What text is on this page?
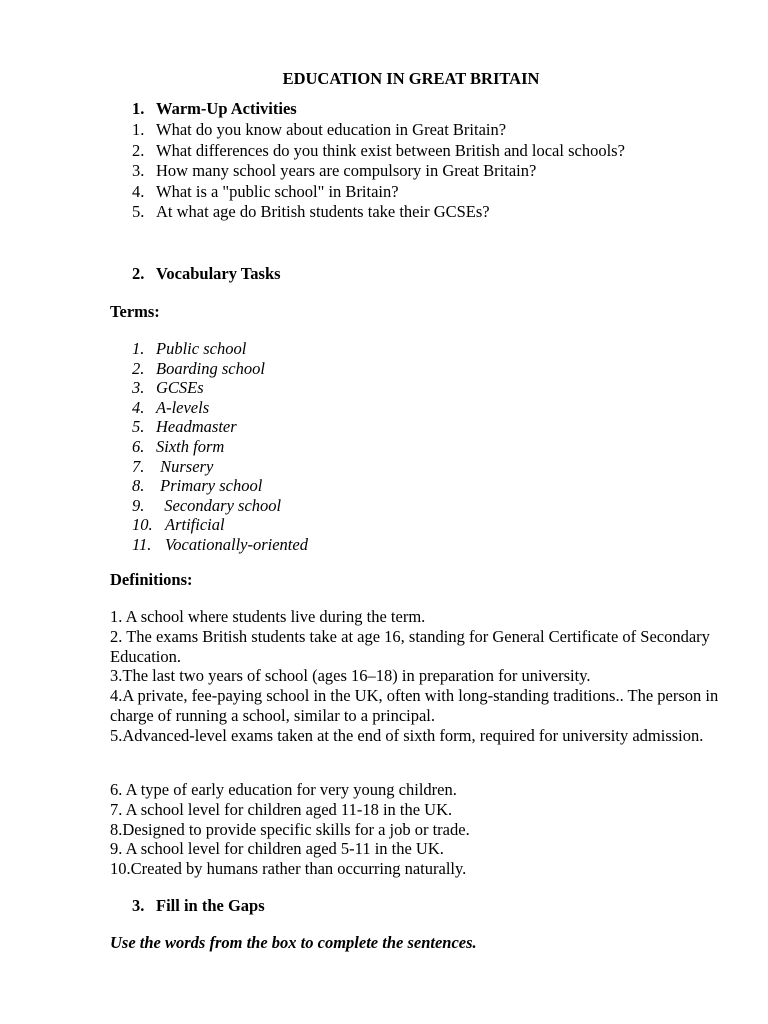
EDUCATION IN GREAT BRITAIN
1. Warm-Up Activities
1. What do you know about education in Great Britain?
2. What differences do you think exist between British and local schools?
3. How many school years are compulsory in Great Britain?
4. What is a "public school" in Britain?
5. At what age do British students take their GCSEs?
2. Vocabulary Tasks

Terms:

1. Public school
2. Boarding school
3. GCSEs
4. A-levels
5. Headmaster
6. Sixth form
7. Nursery
8. Primary school
9.  Secondary school
10. Artificial
11. Vocationally-oriented

Definitions:

1. A school where students live during the term.

2. The exams British students take at age 16, standing for General Certificate of Secondary Education.

3.The last two years of school (ages 16–18) in preparation for university.

4.A private, fee-paying school in the UK, often with long-standing traditions.. The person in charge of running a school, similar to a principal.

5.Advanced-level exams taken at the end of sixth form, required for university admission.

6. A type of early education for very young children.

7. A school level for children aged 11-18 in the UK.

8.Designed to provide specific skills for a job or trade.

9. A school level for children aged 5-11 in the UK.

10.Created by humans rather than occurring naturally.

3. Fill in the Gaps

Use the words from the box to complete the sentences.
